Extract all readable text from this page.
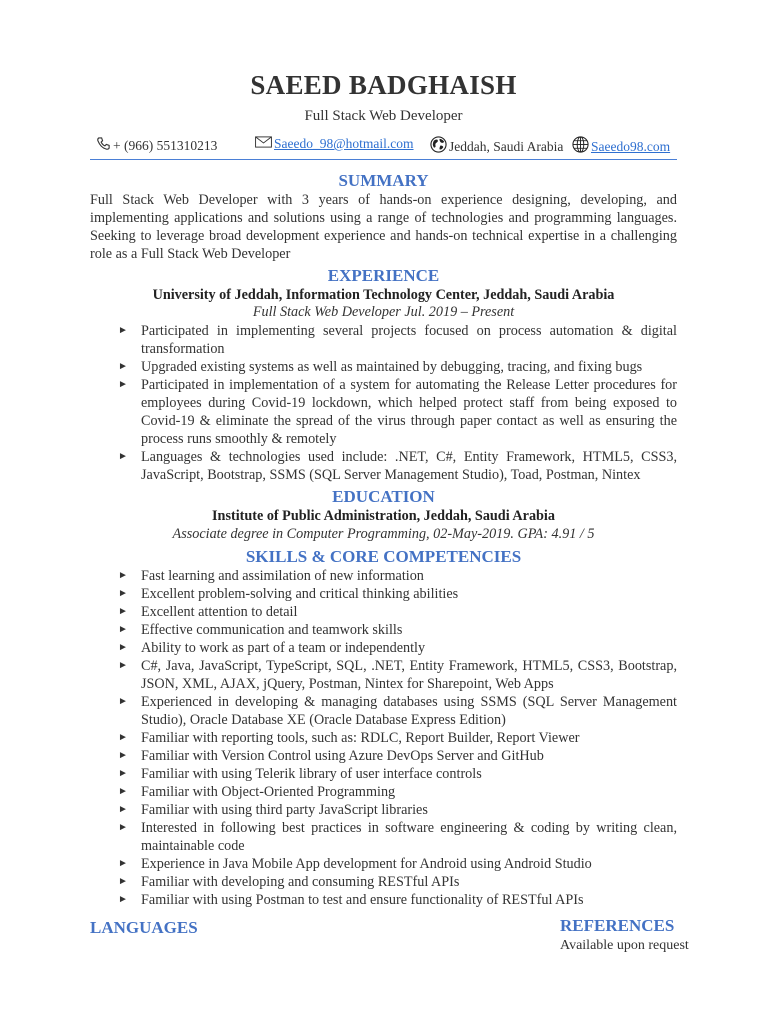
SAEED BADGHAISH
Full Stack Web Developer
+ (966) 551310213	Saeedo_98@hotmail.com	Jeddah, Saudi Arabia Saeedo98.com
SUMMARY
Full Stack Web Developer with 3 years of hands-on experience designing, developing, and implementing applications and solutions using a range of technologies and programming languages. Seeking to leverage broad development experience and hands-on technical expertise in a challenging role as a Full Stack Web Developer
EXPERIENCE
University of Jeddah, Information Technology Center, Jeddah, Saudi Arabia
Full Stack Web Developer Jul. 2019 – Present
► Participated in implementing several projects focused on process automation & digital transformation
► Upgraded existing systems as well as maintained by debugging, tracing, and fixing bugs
► Participated in implementation of a system for automating the Release Letter procedures for employees during Covid-19 lockdown, which helped protect staff from being exposed to Covid-19 & eliminate the spread of the virus through paper contact as well as ensuring the process runs smoothly & remotely
► Languages & technologies used include: .NET, C#, Entity Framework, HTML5, CSS3, JavaScript, Bootstrap, SSMS (SQL Server Management Studio), Toad, Postman, Nintex
EDUCATION
Institute of Public Administration, Jeddah, Saudi Arabia
Associate degree in Computer Programming, 02-May-2019. GPA: 4.91 / 5
SKILLS & CORE COMPETENCIES
► Fast learning and assimilation of new information
► Excellent problem-solving and critical thinking abilities
► Excellent attention to detail
► Effective communication and teamwork skills
► Ability to work as part of a team or independently
► C#, Java, JavaScript, TypeScript, SQL, .NET, Entity Framework, HTML5, CSS3, Bootstrap, JSON, XML, AJAX, jQuery, Postman, Nintex for Sharepoint, Web Apps
► Experienced in developing & managing databases using SSMS (SQL Server Management Studio), Oracle Database XE (Oracle Database Express Edition)
► Familiar with reporting tools, such as: RDLC, Report Builder, Report Viewer
► Familiar with Version Control using Azure DevOps Server and GitHub
► Familiar with using Telerik library of user interface controls
► Familiar with Object-Oriented Programming
► Familiar with using third party JavaScript libraries
► Interested in following best practices in software engineering & coding by writing clean, maintainable code
► Experience in Java Mobile App development for Android using Android Studio
► Familiar with developing and consuming RESTful APIs
► Familiar with using Postman to test and ensure functionality of RESTful APIs
LANGUAGES	REFERENCES
Available upon request
